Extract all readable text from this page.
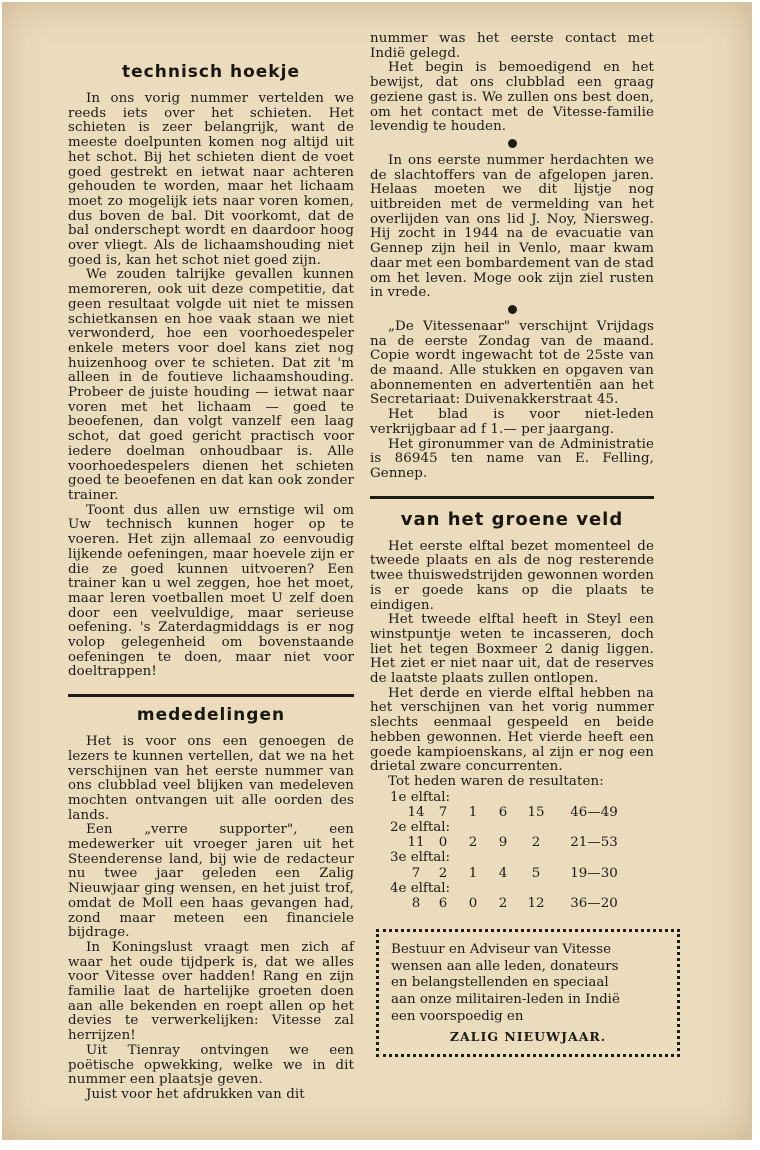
technisch hoekje

In ons vorig nummer vertelden we reeds iets over het schieten. Het schieten is zeer belangrijk, want de meeste doelpunten komen nog altijd uit het schot. Bij het schieten dient de voet goed gestrekt en ietwat naar achteren gehouden te worden, maar het lichaam moet zo mogelijk iets naar voren komen, dus boven de bal. Dit voorkomt, dat de bal onderschept wordt en daardoor hoog over vliegt. Als de lichaamshouding niet goed is, kan het schot niet goed zijn.

We zouden talrijke gevallen kunnen memoreren, ook uit deze competitie, dat geen resultaat volgde uit niet te missen schietkansen en hoe vaak staan we niet verwonderd, hoe een voorhoedespeler enkele meters voor doel kans ziet nog huizenhoog over te schieten. Dat zit 'm alleen in de foutieve lichaamshouding. Probeer de juiste houding — ietwat naar voren met het lichaam — goed te beoefenen, dan volgt vanzelf een laag schot, dat goed gericht practisch voor iedere doelman onhoudbaar is. Alle voorhoedespelers dienen het schieten goed te beoefenen en dat kan ook zonder trainer.

Toont dus allen uw ernstige wil om Uw technisch kunnen hoger op te voeren. Het zijn allemaal zo eenvoudig lijkende oefeningen, maar hoevele zijn er die ze goed kunnen uitvoeren? Een trainer kan u wel zeggen, hoe het moet, maar leren voetballen moet U zelf doen door een veelvuldige, maar serieuse oefening. 's Zaterdagmiddags is er nog volop gelegenheid om bovenstaande oefeningen te doen, maar niet voor doeltrappen!

mededelingen

Het is voor ons een genoegen de lezers te kunnen vertellen, dat we na het verschijnen van het eerste nummer van ons clubblad veel blijken van medeleven mochten ontvangen uit alle oorden des lands.

Een „verre supporter", een medewerker uit vroeger jaren uit het Steenderense land, bij wie de redacteur nu twee jaar geleden een Zalig Nieuwjaar ging wensen, en het juist trof, omdat de Moll een haas gevangen had, zond maar meteen een financiele bijdrage.

In Koningslust vraagt men zich af waar het oude tijdperk is, dat we alles voor Vitesse over hadden! Rang en zijn familie laat de hartelijke groeten doen aan alle bekenden en roept allen op het devies te verwerkelijken: Vitesse zal herrijzen!

Uit Tienray ontvingen we een poëtische opwekking, welke we in dit nummer een plaatsje geven.

Juist voor het afdrukken van dit

nummer was het eerste contact met Indië gelegd.

Het begin is bemoedigend en het bewijst, dat ons clubblad een graag geziene gast is. We zullen ons best doen, om het contact met de Vitesse-familie levendig te houden.

In ons eerste nummer herdachten we de slachtoffers van de afgelopen jaren. Helaas moeten we dit lijstje nog uitbreiden met de vermelding van het overlijden van ons lid J. Noy, Niersweg. Hij zocht in 1944 na de evacuatie van Gennep zijn heil in Venlo, maar kwam daar met een bombardement van de stad om het leven. Moge ook zijn ziel rusten in vrede.

„De Vitessenaar" verschijnt Vrijdags na de eerste Zondag van de maand. Copie wordt ingewacht tot de 25ste van de maand. Alle stukken en opgaven van abonnementen en advertentiën aan het Secretariaat: Duivenakkerstraat 45.

Het blad is voor niet-leden verkrijgbaar ad f 1.— per jaargang.

Het gironummer van de Administratie is 86945 ten name van E. Felling, Gennep.

van het groene veld

Het eerste elftal bezet momenteel de tweede plaats en als de nog resterende twee thuiswedstrijden gewonnen worden is er goede kans op die plaats te eindigen.

Het tweede elftal heeft in Steyl een winstpuntje weten te incasseren, doch liet het tegen Boxmeer 2 danig liggen. Het ziet er niet naar uit, dat de reserves de laatste plaats zullen ontlopen.

Het derde en vierde elftal hebben na het verschijnen van het vorig nummer slechts eenmaal gespeeld en beide hebben gewonnen. Het vierde heeft een goede kampioenskans, al zijn er nog een drietal zware concurrenten.

Tot heden waren de resultaten:

1e elftal:
14	7	1	6	15	46—49
2e elftal:
11	0	2	9	2	21—53
3e elftal:
7	2	1	4	5	19—30
4e elftal:
8	6	0	2	12	36—20
Bestuur en Adviseur van Vitesse
wensen aan alle leden, donateurs
en belangstellenden en speciaal
aan onze militairen-leden in Indië
een voorspoedig en
ZALIG NIEUWJAAR.
